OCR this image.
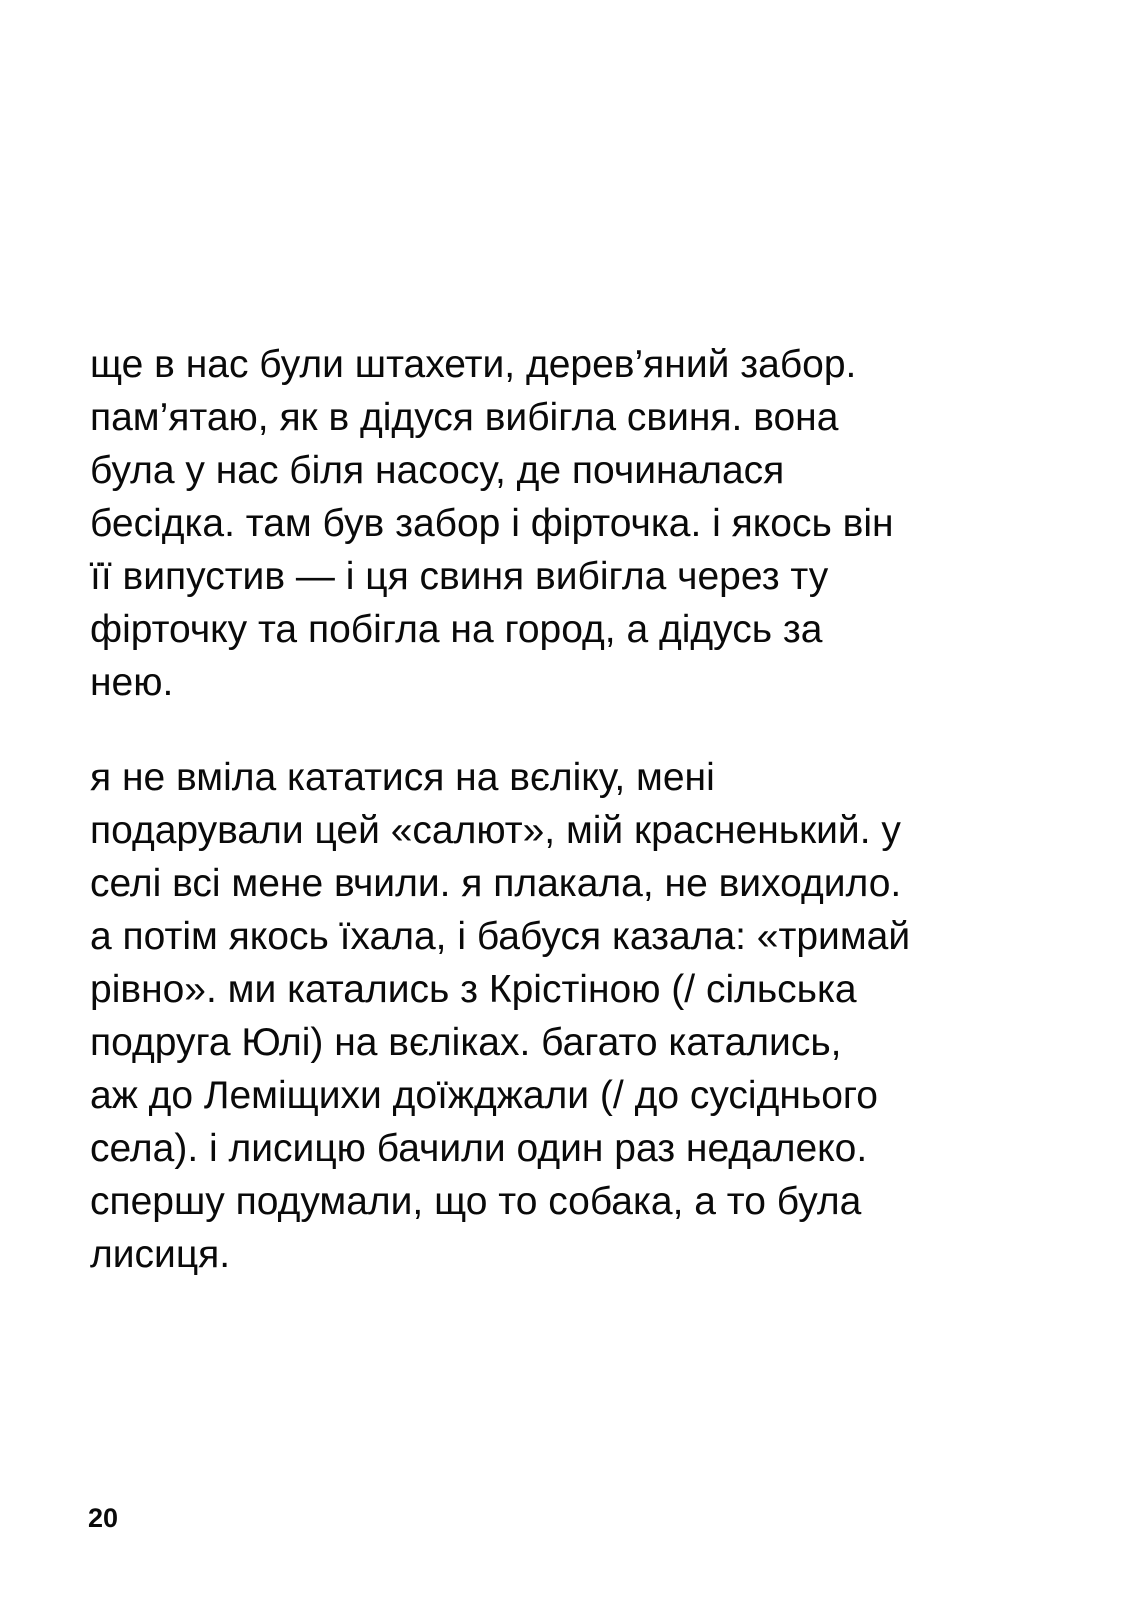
ще в нас були штахети, дерев’яний забор.
пам’ятаю, як в дідуся вибігла свиня. вона
була у нас біля насосу, де починалася
бесідка. там був забор і фірточка. і якось він
її випустив — і ця свиня вибігла через ту
фірточку та побігла на город, а дідусь за
нею.

я не вміла кататися на вєліку, мені
подарували цей «салют», мій красненький. у
селі всі мене вчили. я плакала, не виходило.
а потім якось їхала, і бабуся казала: «тримай
рівно». ми катались з Крістіною (/ сільська
подруга Юлі) на вєліках. багато катались,
аж до Леміщихи доїжджали (/ до сусіднього
села). і лисицю бачили один раз недалеко.
спершу подумали, що то собака, а то була
лисиця.

20
